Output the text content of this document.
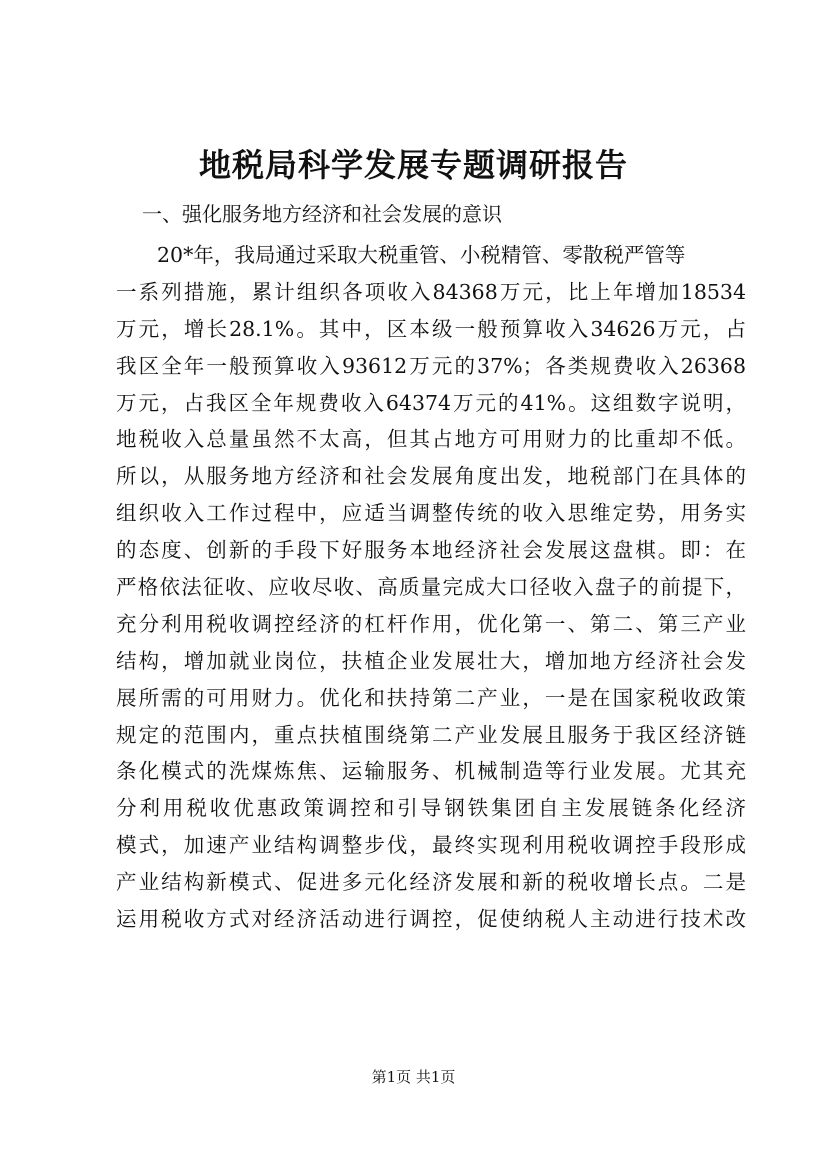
地税局科学发展专题调研报告

一、强化服务地方经济和社会发展的意识

20*年，我局通过采取大税重管、小税精管、零散税严管等
一系列措施，累计组织各项收入84368万元，比上年增加18534
万元，增长28.1%。其中，区本级一般预算收入34626万元，占
我区全年一般预算收入93612万元的37%；各类规费收入26368
万元，占我区全年规费收入64374万元的41%。这组数字说明，
地税收入总量虽然不太高，但其占地方可用财力的比重却不低。
所以，从服务地方经济和社会发展角度出发，地税部门在具体的
组织收入工作过程中，应适当调整传统的收入思维定势，用务实
的态度、创新的手段下好服务本地经济社会发展这盘棋。即：在
严格依法征收、应收尽收、高质量完成大口径收入盘子的前提下，
充分利用税收调控经济的杠杆作用，优化第一、第二、第三产业
结构，增加就业岗位，扶植企业发展壮大，增加地方经济社会发
展所需的可用财力。优化和扶持第二产业，一是在国家税收政策
规定的范围内，重点扶植围绕第二产业发展且服务于我区经济链
条化模式的洗煤炼焦、运输服务、机械制造等行业发展。尤其充
分利用税收优惠政策调控和引导钢铁集团自主发展链条化经济
模式，加速产业结构调整步伐，最终实现利用税收调控手段形成
产业结构新模式、促进多元化经济发展和新的税收增长点。二是
运用税收方式对经济活动进行调控，促使纳税人主动进行技术改

第1页 共1页
